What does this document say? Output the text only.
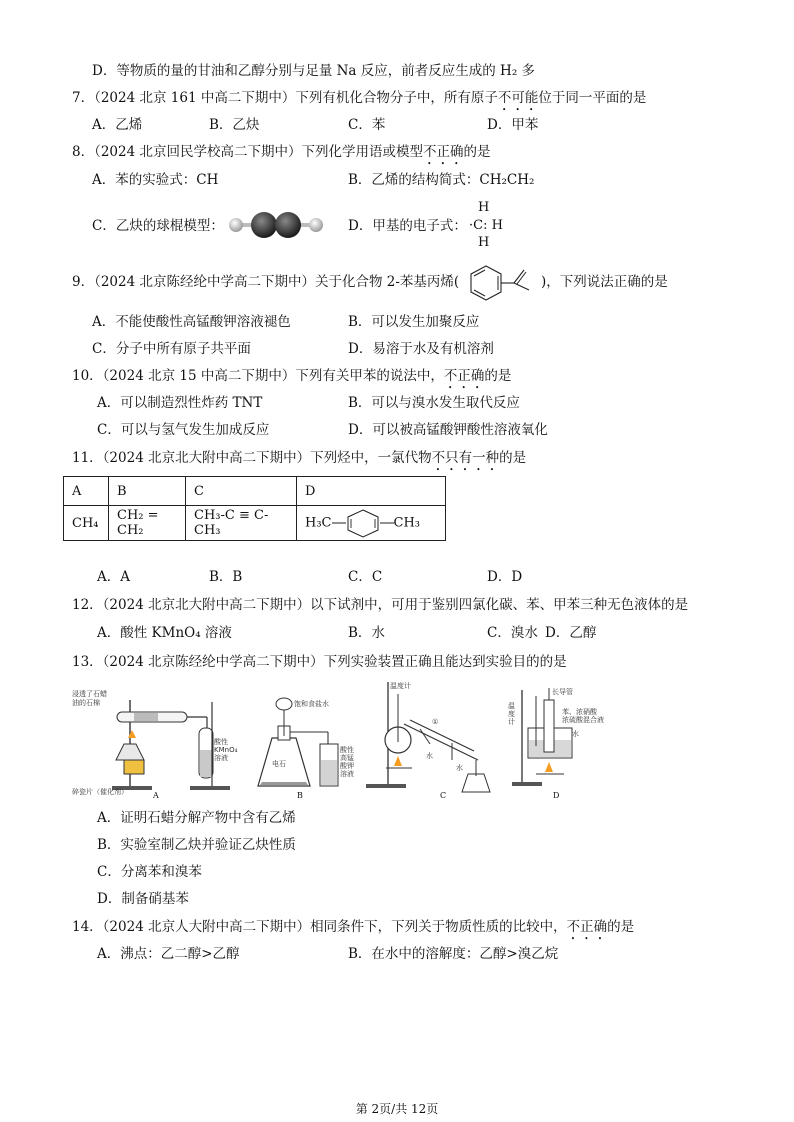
D．等物质的量的甘油和乙醇分别与足量 Na 反应，前者反应生成的 H₂ 多
7．（2024 北京 161 中高二下期中）下列有机化合物分子中，所有原子不可能位于同一平面的是
A．乙烯	B．乙炔	C．苯	D．甲苯
8．（2024 北京回民学校高二下期中）下列化学用语或模型不正确的是
A．苯的实验式：CH	B．乙烯的结构简式：CH₂CH₂
C．乙炔的球棍模型：	D．甲基的电子式：
H
·C: H
H
9．（2024 北京陈经纶中学高二下期中）关于化合物 2-苯基丙烯(	)，下列说法正确的是
A．不能使酸性高锰酸钾溶液褪色	B．可以发生加聚反应
C．分子中所有原子共平面	D．易溶于水及有机溶剂
10．（2024 北京 15 中高二下期中）下列有关甲苯的说法中，不正确的是
A．可以制造烈性炸药 TNT	B．可以与溴水发生取代反应
C．可以与氢气发生加成反应	D．可以被高锰酸钾酸性溶液氧化
11．（2024 北京北大附中高二下期中）下列烃中，一氯代物不只有一种的是
A	B	C	D
CH₄	CH₂ = CH₂	CH₃-C ≡ C-CH₃	H₃C CH₃
A．A	B．B	C．C	D．D
12．（2024 北京北大附中高二下期中）以下试剂中，可用于鉴别四氯化碳、苯、甲苯三种无色液体的是
A．酸性 KMnO₄ 溶液	B．水	C．溴水 D．乙醇
13．（2024 北京陈经纶中学高二下期中）下列实验装置正确且能达到实验目的的是
浸透了石蜡
油的石棉
酸性
KMnO₄
溶液
碎瓷片（催化剂）	A
饱和食盐水
电石
酸性
高锰
酸钾
溶液
B
温度计
①
水
水
C
长导管
苯、浓硝酸
浓硫酸混合液
水
温
度
计
D
A．证明石蜡分解产物中含有乙烯
B．实验室制乙炔并验证乙炔性质
C．分离苯和溴苯
D．制备硝基苯
14．（2024 北京人大附中高二下期中）相同条件下，下列关于物质性质的比较中，不正确的是
A．沸点：乙二醇>乙醇	B．在水中的溶解度：乙醇>溴乙烷
第 2页/共 12页
